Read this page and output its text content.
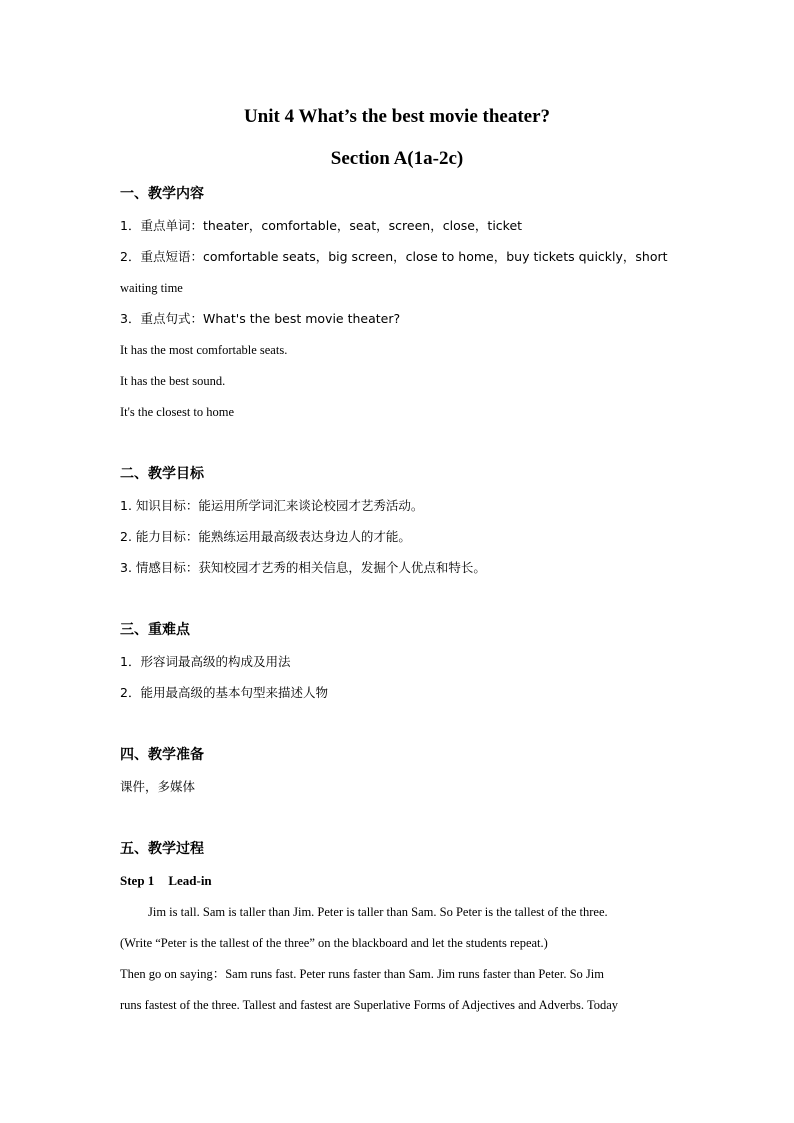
Unit 4 What’s the best movie theater?
Section A(1a-2c)
一、教学内容
1．重点单词：theater，comfortable，seat，screen，close，ticket
2．重点短语：comfortable seats，big screen，close to home，buy tickets quickly，short
waiting time
3．重点句式：What's the best movie theater?
It has the most comfortable seats.
It has the best sound.
It's the closest to home
二、教学目标
1. 知识目标：能运用所学词汇来谈论校园才艺秀活动。
2. 能力目标：能熟练运用最高级表达身边人的才能。
3. 情感目标：获知校园才艺秀的相关信息，发掘个人优点和特长。
三、重难点
1．形容词最高级的构成及用法
2．能用最高级的基本句型来描述人物
四、教学准备
课件，多媒体
五、教学过程
Step 1 Lead-in
Jim is tall. Sam is taller than Jim. Peter is taller than Sam. So Peter is the tallest of the three.
(Write “Peter is the tallest of the three” on the blackboard and let the students repeat.)
Then go on saying：Sam runs fast. Peter runs faster than Sam. Jim runs faster than Peter. So Jim
runs fastest of the three. Tallest and fastest are Superlative Forms of Adjectives and Adverbs. Today
